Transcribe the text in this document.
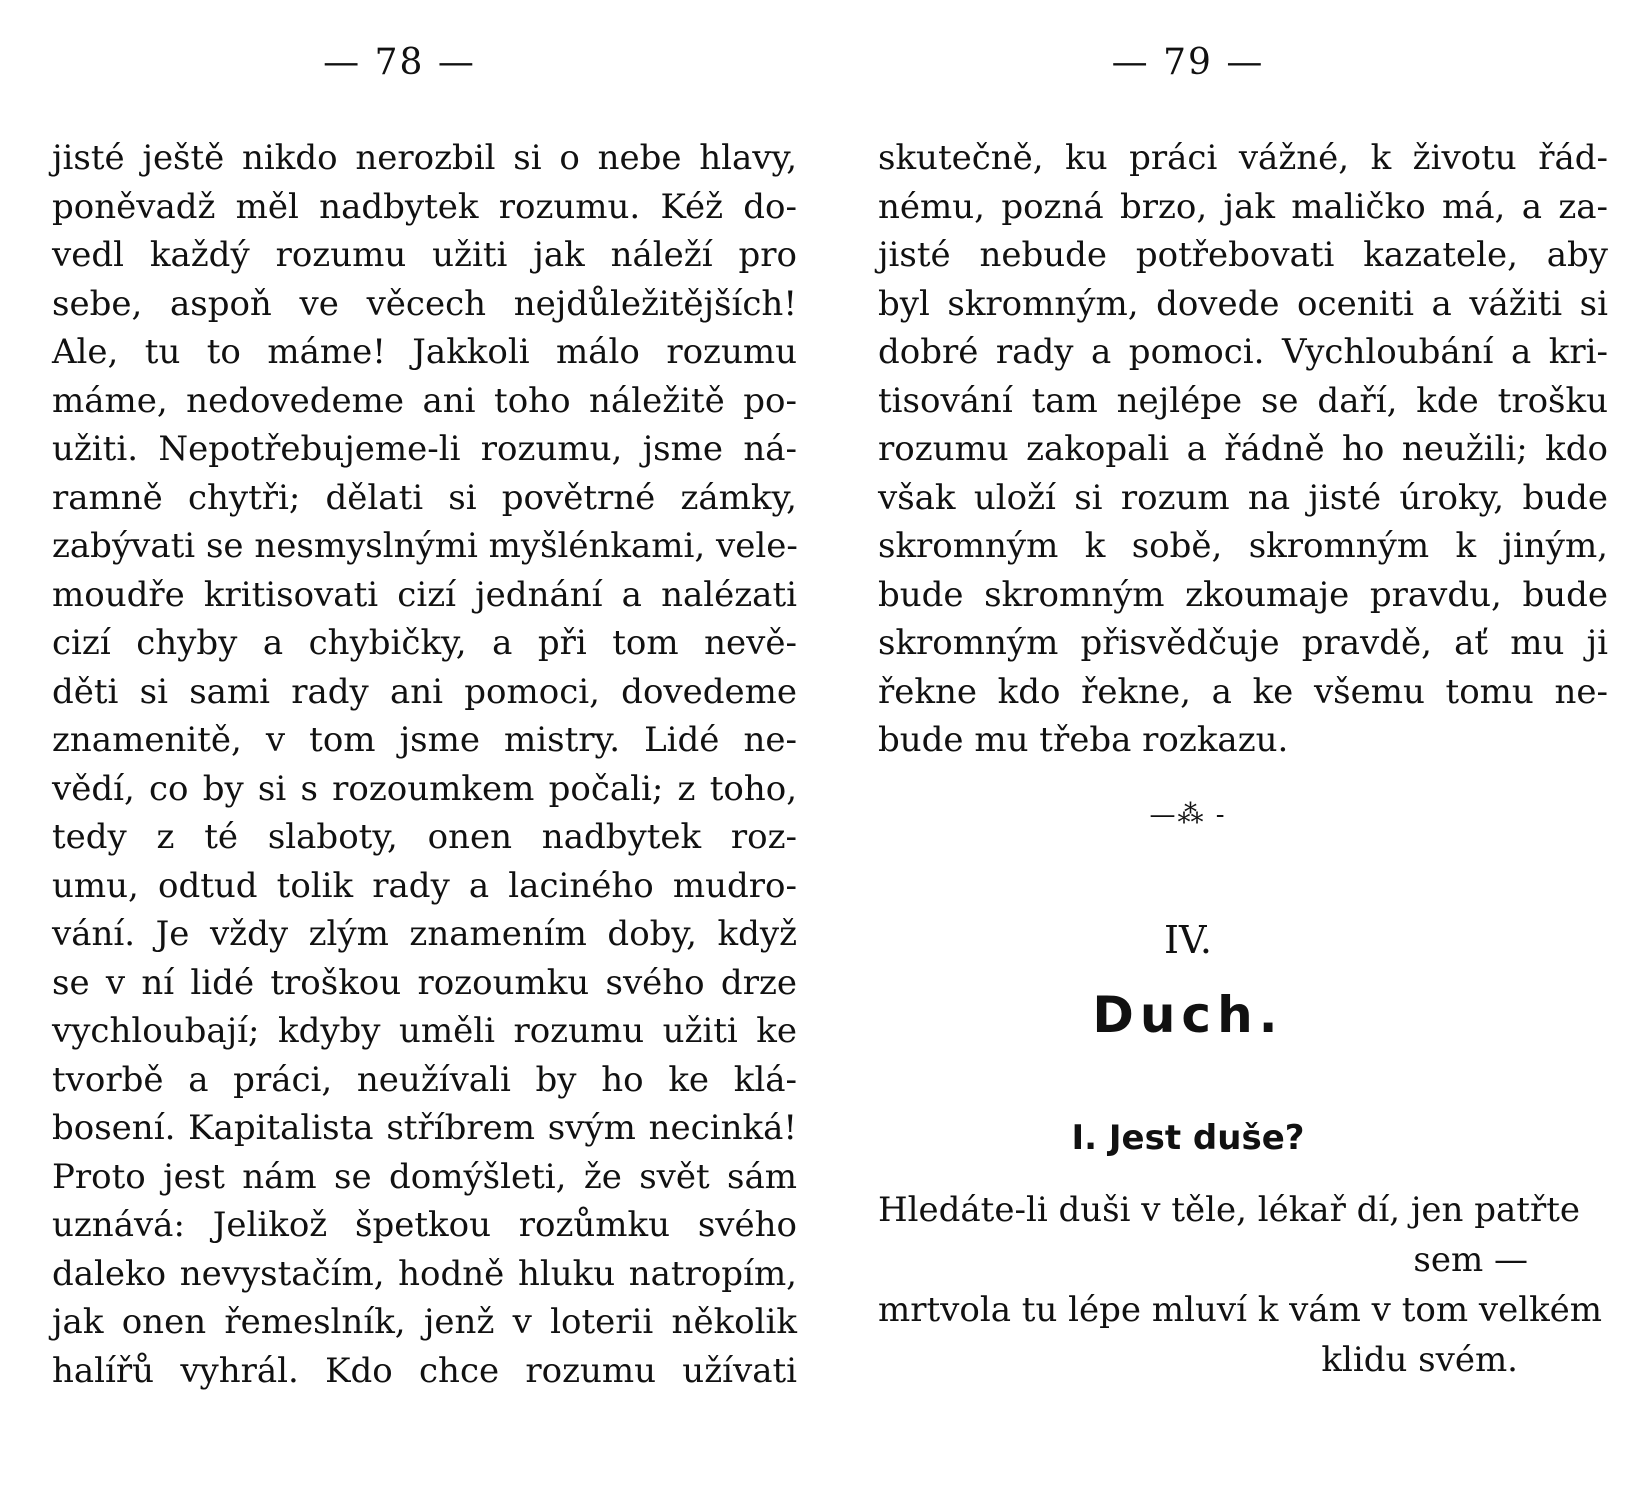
— 78 —
jisté ještě nikdo nerozbil si o nebe hlavy,
poněvadž měl nadbytek rozumu. Kéž do-
vedl každý rozumu užiti jak náleží pro
sebe, aspoň ve věcech nejdůležitějších!
Ale, tu to máme! Jakkoli málo rozumu
máme, nedovedeme ani toho náležitě po-
užiti. Nepotřebujeme-li rozumu, jsme ná-
ramně chytři; dělati si povětrné zámky,
zabývati se nesmyslnými myšlénkami, vele-
moudře kritisovati cizí jednání a nalézati
cizí chyby a chybičky, a při tom nevě-
děti si sami rady ani pomoci, dovedeme
znamenitě, v tom jsme mistry. Lidé ne-
vědí, co by si s rozoumkem počali; z toho,
tedy z té slaboty, onen nadbytek roz-
umu, odtud tolik rady a laciného mudro-
vání. Je vždy zlým znamením doby, když
se v ní lidé troškou rozoumku svého drze
vychloubají; kdyby uměli rozumu užiti ke
tvorbě a práci, neužívali by ho ke klá-
bosení. Kapitalista stříbrem svým necinká!
Proto jest nám se domýšleti, že svět sám
uznává: Jelikož špetkou rozůmku svého
daleko nevystačím, hodně hluku natropím,
jak onen řemeslník, jenž v loterii několik
halířů vyhrál. Kdo chce rozumu užívati
— 79 —
skutečně, ku práci vážné, k životu řád-
nému, pozná brzo, jak maličko má, a za-
jisté nebude potřebovati kazatele, aby
byl skromným, dovede oceniti a vážiti si
dobré rady a pomoci. Vychloubání a kri-
tisování tam nejlépe se daří, kde trošku
rozumu zakopali a řádně ho neužili; kdo
však uloží si rozum na jisté úroky, bude
skromným k sobě, skromným k jiným,
bude skromným zkoumaje pravdu, bude
skromným přisvědčuje pravdě, ať mu ji
řekne kdo řekne, a ke všemu tomu ne-
bude mu třeba rozkazu.
—⁂ -
IV.
Duch.
I. Jest duše?
Hledáte-li duši v těle, lékař dí, jen patřte
sem —
mrtvola tu lépe mluví k vám v tom velkém
klidu svém.
